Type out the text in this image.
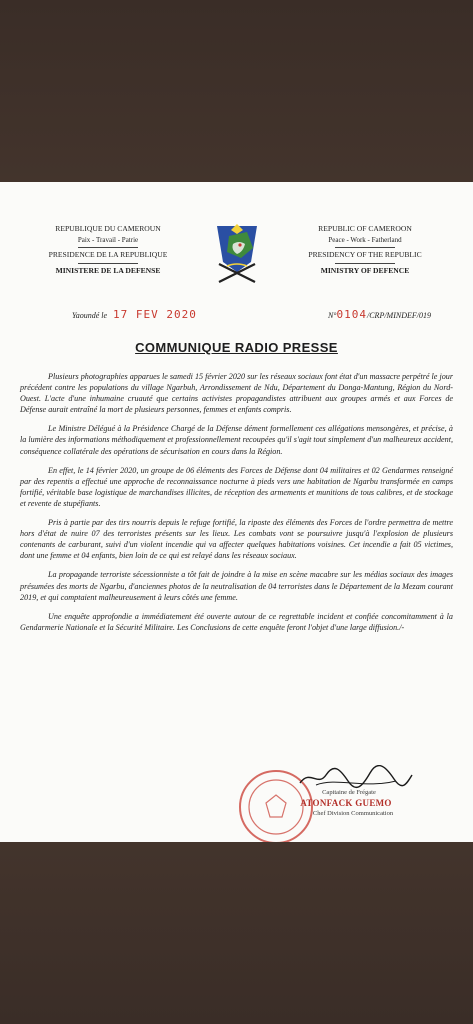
REPUBLIQUE DU CAMEROUN
Paix - Travail - Patrie
PRESIDENCE DE LA REPUBLIQUE
MINISTERE DE LA DEFENSE
REPUBLIC OF CAMEROON
Peace - Work - Fatherland
PRESIDENCY OF THE REPUBLIC
MINISTRY OF DEFENCE
Yaoundé le 17 FEV 2020	N°0104/CRP/MINDEF/019
COMMUNIQUE RADIO PRESSE

Plusieurs photographies apparues le samedi 15 février 2020 sur les réseaux sociaux font état d'un massacre perpétré le jour précédent contre les populations du village Ngarbuh, Arrondissement de Ndu, Département du Donga-Mantung, Région du Nord-Ouest. L'acte d'une inhumaine cruauté que certains activistes propagandistes attribuent aux groupes armés et aux Forces de Défense aurait entraîné la mort de plusieurs personnes, femmes et enfants compris.

Le Ministre Délégué à la Présidence Chargé de la Défense dément formellement ces allégations mensongères, et précise, à la lumière des informations méthodiquement et professionnellement recoupées qu'il s'agit tout simplement d'un malheureux accident, conséquence collatérale des opérations de sécurisation en cours dans la Région.

En effet, le 14 février 2020, un groupe de 06 éléments des Forces de Défense dont 04 militaires et 02 Gendarmes renseigné par des repentis a effectué une approche de reconnaissance nocturne à pieds vers une habitation de Ngarbu transformée en camps fortifié, véritable base logistique de marchandises illicites, de réception des armements et munitions de tous calibres, et de stockage et revente de stupéfiants.

Pris à partie par des tirs nourris depuis le refuge fortifié, la riposte des éléments des Forces de l'ordre permettra de mettre hors d'état de nuire 07 des terroristes présents sur les lieux. Les combats vont se poursuivre jusqu'à l'explosion de plusieurs contenants de carburant, suivi d'un violent incendie qui va affecter quelques habitations voisines. Cet incendie a fait 05 victimes, dont une femme et 04 enfants, bien loin de ce qui est relayé dans les réseaux sociaux.

La propagande terroriste sécessionniste a tôt fait de joindre à la mise en scène macabre sur les médias sociaux des images présumées des morts de Ngarbu, d'anciennes photos de la neutralisation de 04 terroristes dans le Département de la Mezam courant 2019, et qui comptaient malheureusement à leurs côtés une femme.

Une enquête approfondie a immédiatement été ouverte autour de ce regrettable incident et confiée concomitamment à la Gendarmerie Nationale et la Sécurité Militaire. Les Conclusions de cette enquête feront l'objet d'une large diffusion./-

Capitaine de Frégate
ATONFACK GUEMO
Chef Division Communication
